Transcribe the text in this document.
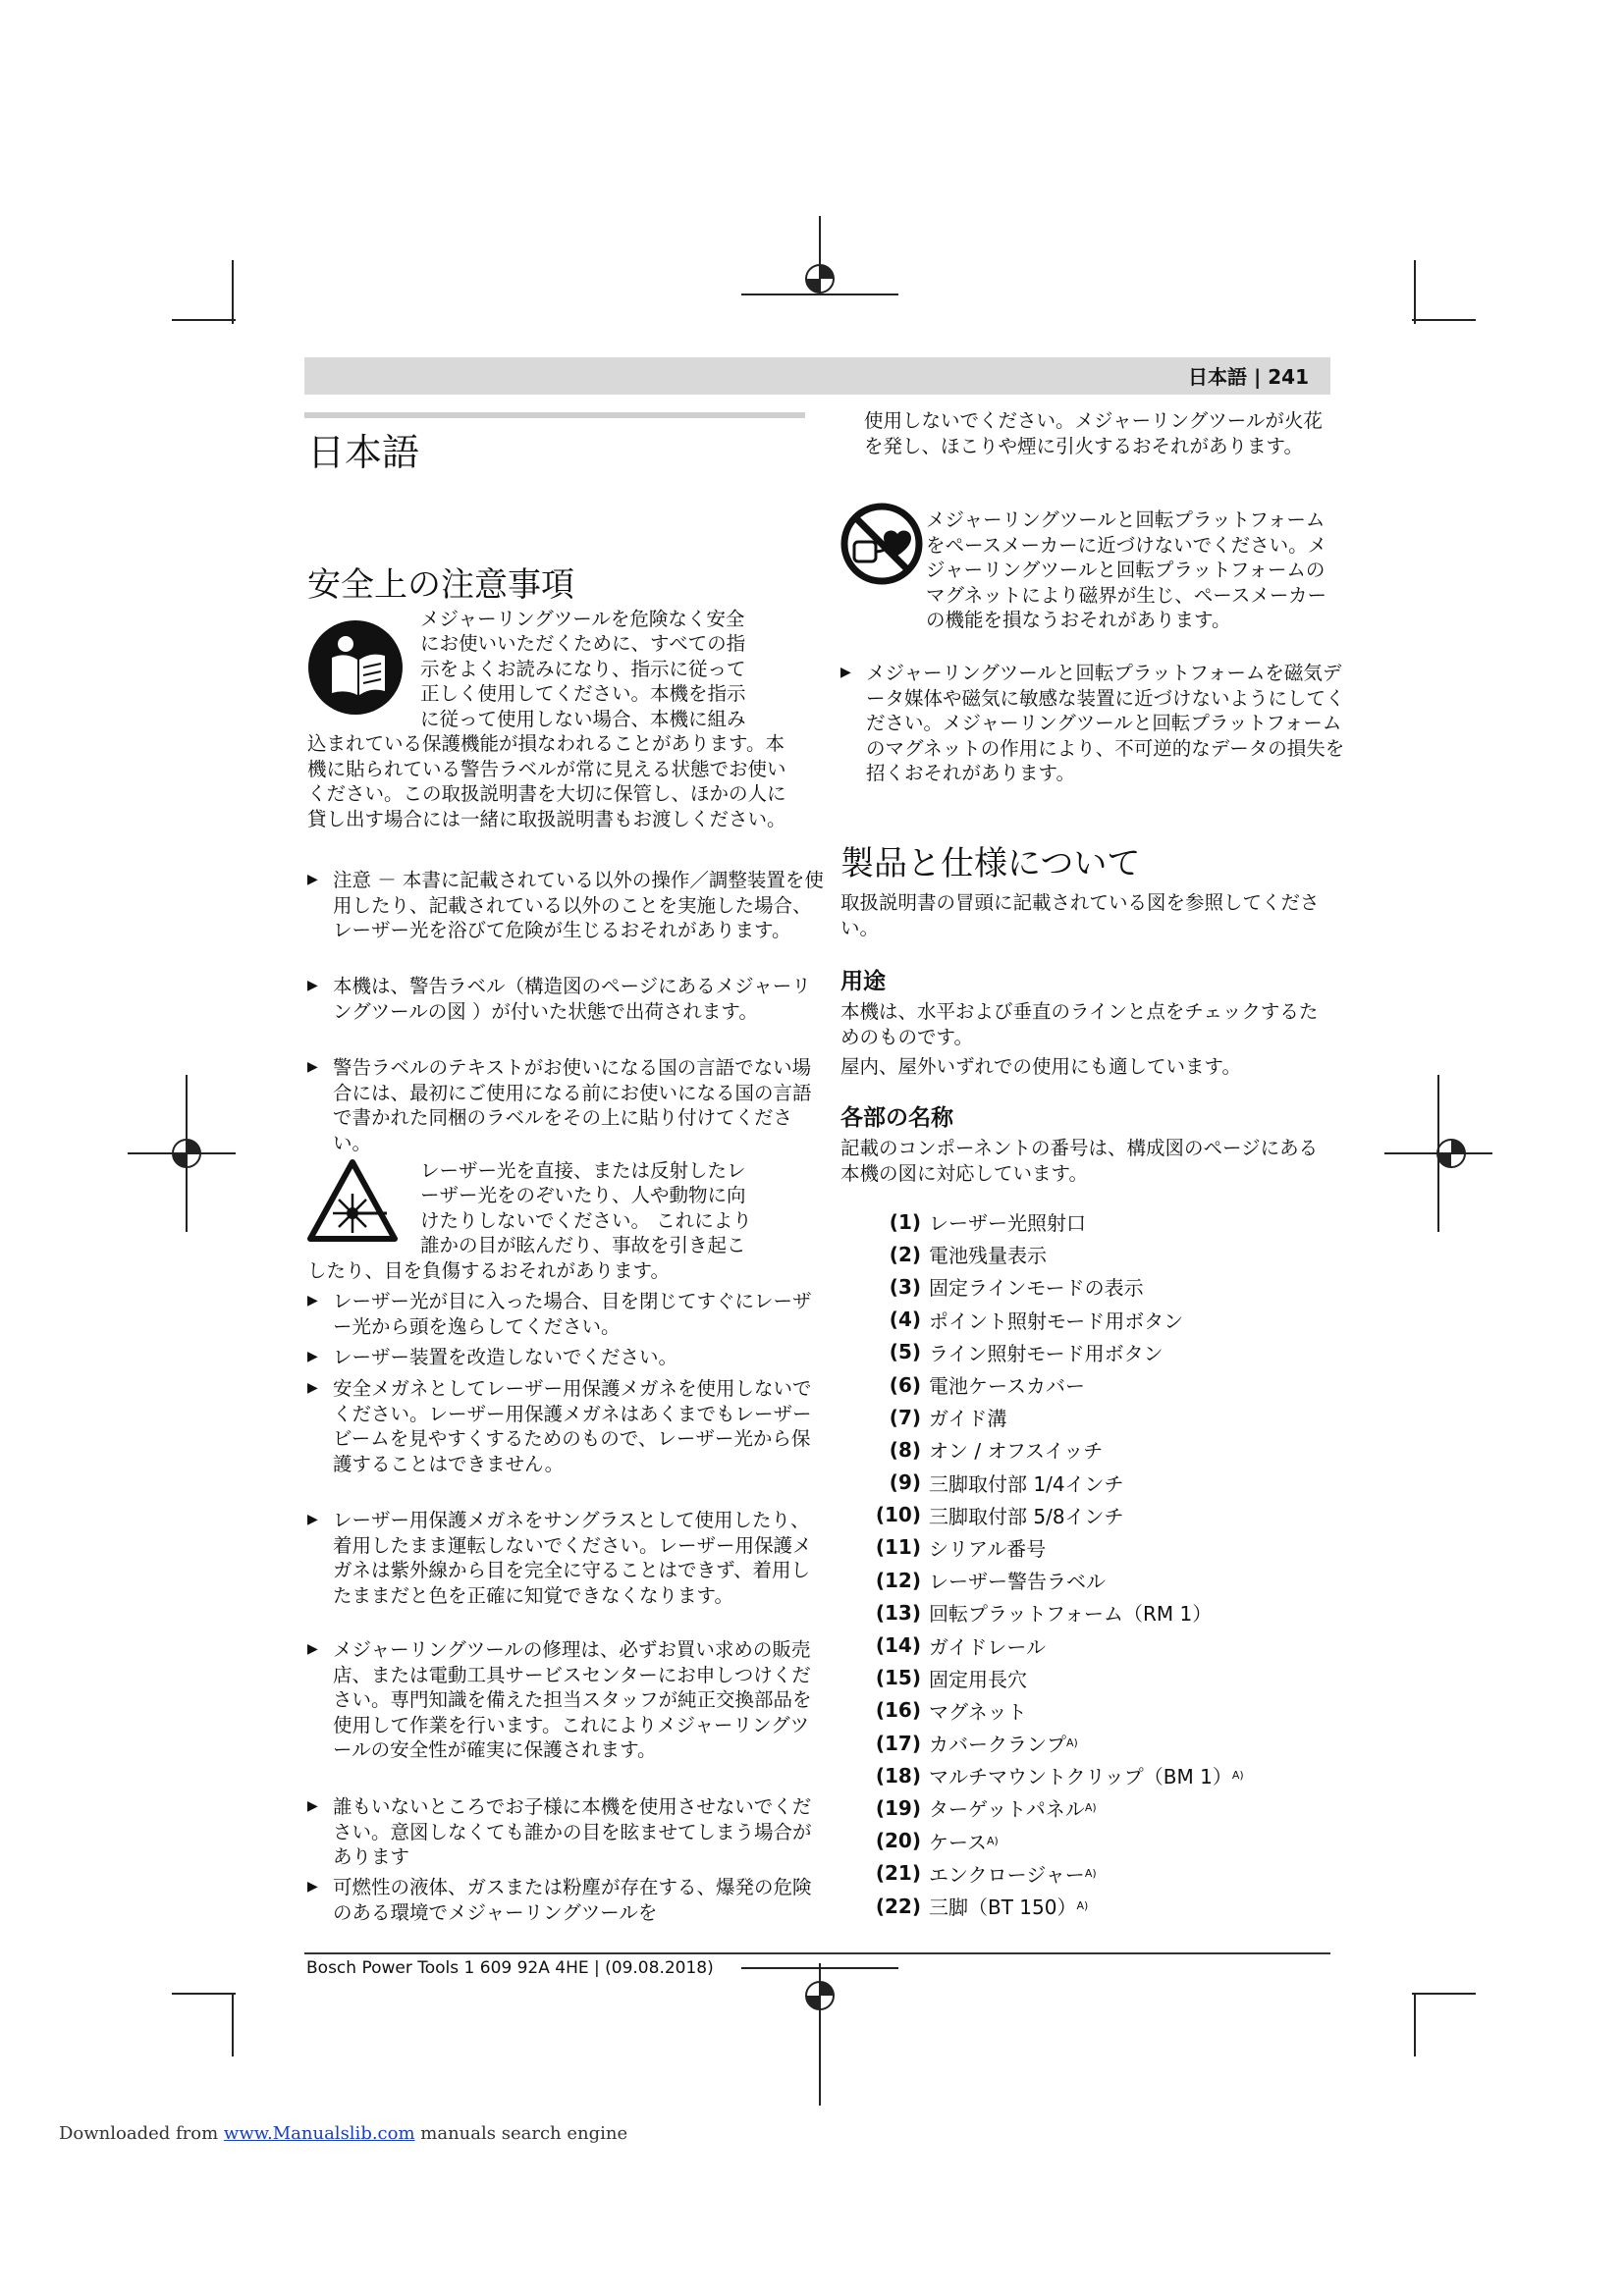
日本語 | 241
日本語
安全上の注意事項

メジャーリングツールを危険なく安全

にお使いいただくために、すべての指

示をよくお読みになり、指示に従って

正しく使用してください。本機を指示

に従って使用しない場合、本機に組み

込まれている保護機能が損なわれることがあります。本機に貼られている警告ラベルが常に見える状態でお使いください。この取扱説明書を大切に保管し、ほかの人に貸し出す場合には一緒に取扱説明書もお渡しください。

▶ 注意 － 本書に記載されている以外の操作／調整装置を使用したり、記載されている以外のことを実施した場合、レーザー光を浴びて危険が生じるおそれがあります。

▶ 本機は、警告ラベル（構造図のページにあるメジャーリングツールの図 ）が付いた状態で出荷されます。

▶ 警告ラベルのテキストがお使いになる国の言語でない場合には、最初にご使用になる前にお使いになる国の言語で書かれた同梱のラベルをその上に貼り付けてください。

レーザー光を直接、または反射したレ

ーザー光をのぞいたり、人や動物に向

けたりしないでください。 これにより

誰かの目が眩んだり、事故を引き起こ

したり、目を負傷するおそれがあります。

▶ レーザー光が目に入った場合、目を閉じてすぐにレーザー光から頭を逸らしてください。

▶ レーザー装置を改造しないでください。

▶ 安全メガネとしてレーザー用保護メガネを使用しないでください。レーザー用保護メガネはあくまでもレーザービームを見やすくするためのもので、レーザー光から保護することはできません。

▶ レーザー用保護メガネをサングラスとして使用したり、着用したまま運転しないでください。レーザー用保護メガネは紫外線から目を完全に守ることはできず、着用したままだと色を正確に知覚できなくなります。

▶ メジャーリングツールの修理は、必ずお買い求めの販売店、または電動工具サービスセンターにお申しつけください。専門知識を備えた担当スタッフが純正交換部品を使用して作業を行います。これによりメジャーリングツールの安全性が確実に保護されます。

▶ 誰もいないところでお子様に本機を使用させないでください。意図しなくても誰かの目を眩ませてしまう場合があります

▶ 可燃性の液体、ガスまたは粉塵が存在する、爆発の危険のある環境でメジャーリングツールを

使用しないでください。メジャーリングツールが火花を発し、ほこりや煙に引火するおそれがあります。

メジャーリングツールと回転プラットフォームをペースメーカーに近づけないでください。メジャーリングツールと回転プラットフォームのマグネットにより磁界が生じ、ペースメーカーの機能を損なうおそれがあります。

▶ メジャーリングツールと回転プラットフォームを磁気データ媒体や磁気に敏感な装置に近づけないようにしてください。メジャーリングツールと回転プラットフォームのマグネットの作用により、不可逆的なデータの損失を招くおそれがあります。

製品と仕様について

取扱説明書の冒頭に記載されている図を参照してください。

用途

本機は、水平および垂直のラインと点をチェックするためのものです。

屋内、屋外いずれでの使用にも適しています。

各部の名称

記載のコンポーネントの番号は、構成図のページにある本機の図に対応しています。

(1) レーザー光照射口
(2) 電池残量表示
(3) 固定ラインモードの表示
(4) ポイント照射モード用ボタン
(5) ライン照射モード用ボタン
(6) 電池ケースカバー
(7) ガイド溝
(8) オン / オフスイッチ
(9) 三脚取付部 1/4インチ
(10) 三脚取付部 5/8インチ
(11) シリアル番号
(12) レーザー警告ラベル
(13) 回転プラットフォーム（RM 1）
(14) ガイドレール
(15) 固定用長穴
(16) マグネット
(17) カバークランプ A)
(18) マルチマウントクリップ（BM 1） A)
(19) ターゲットパネル A)
(20) ケース A)
(21) エンクロージャー A)
(22) 三脚（BT 150） A)
Bosch Power Tools 1 609 92A 4HE | (09.08.2018)
Downloaded from www.Manualslib.com manuals search engine
